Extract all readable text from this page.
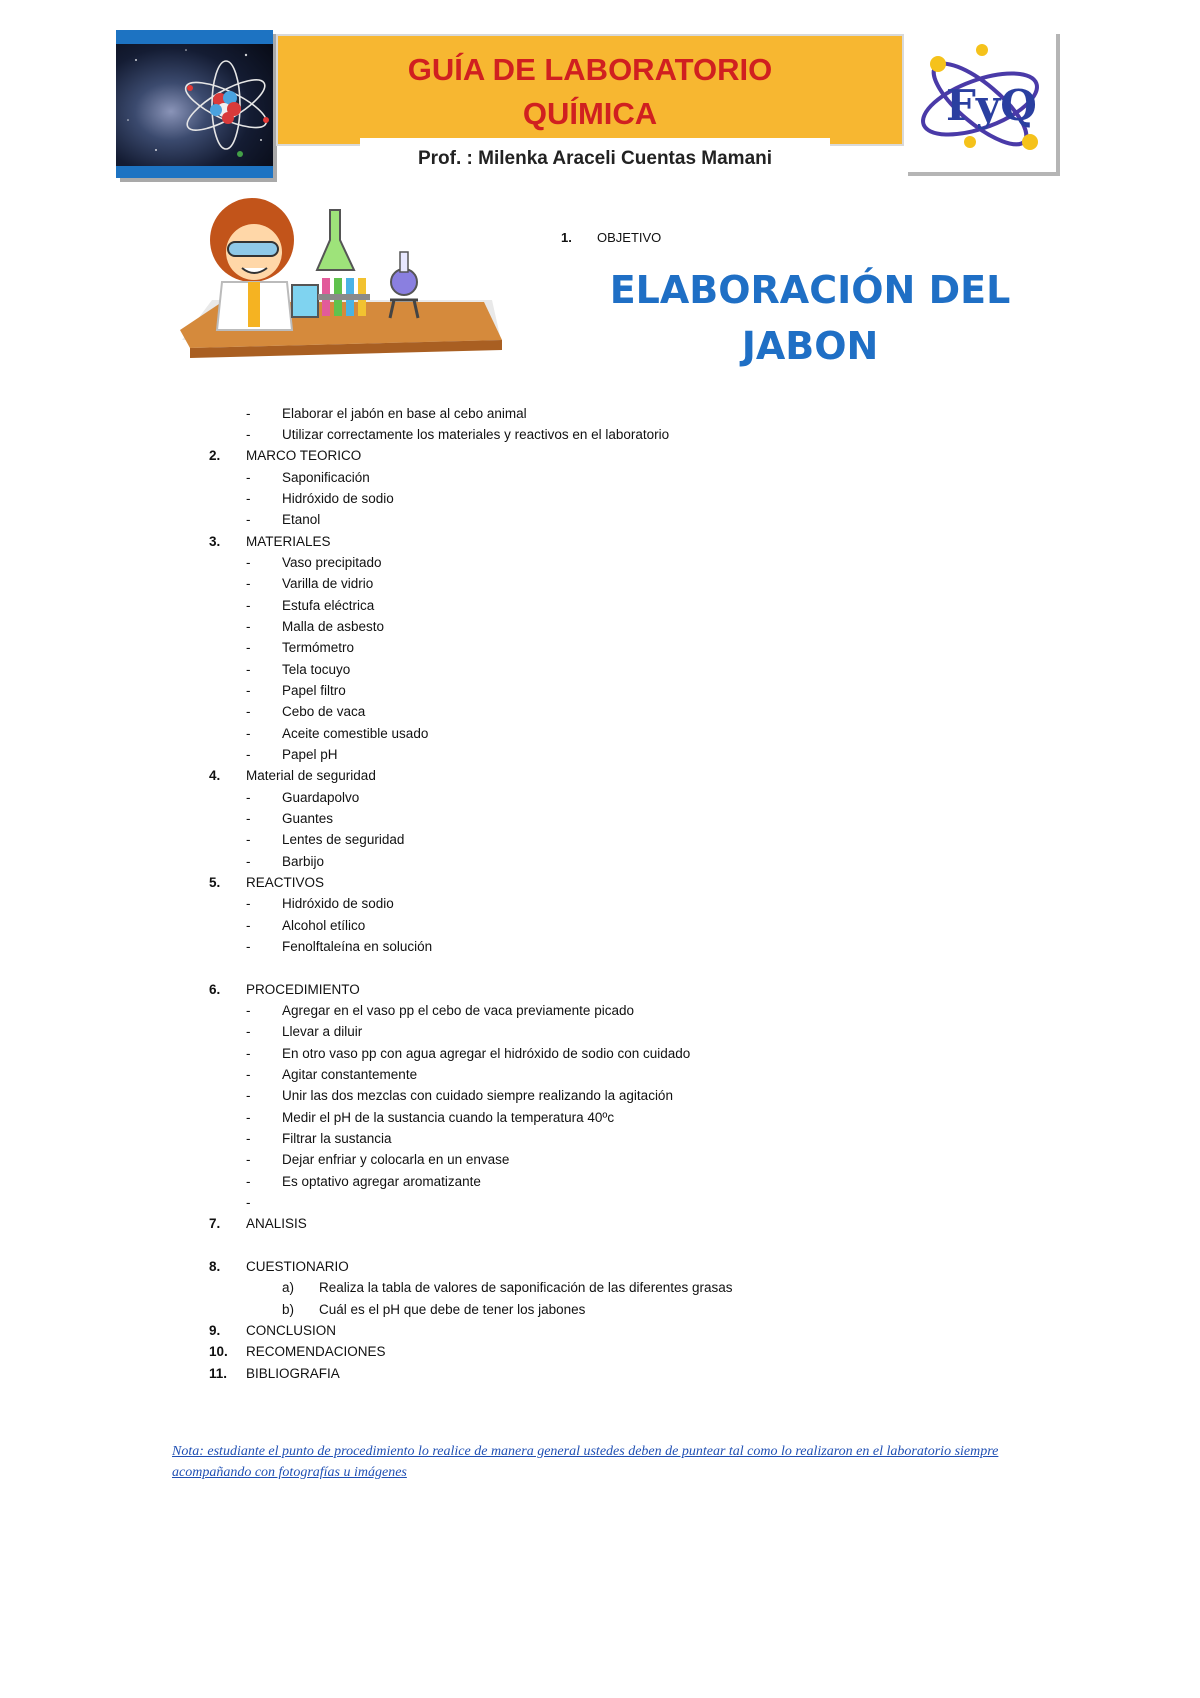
GUÍA DE LABORATORIO
QUÍMICA
Prof. : Milenka Araceli Cuentas Mamani
FyQ
1. OBJETIVO
ELABORACIÓN DEL
JABON
- Elaborar el jabón en base al cebo animal
- Utilizar correctamente los materiales y reactivos en el laboratorio
2. MARCO TEORICO
- Saponificación
- Hidróxido de sodio
- Etanol
3. MATERIALES
- Vaso precipitado
- Varilla de vidrio
- Estufa eléctrica
- Malla de asbesto
- Termómetro
- Tela tocuyo
- Papel filtro
- Cebo de vaca
- Aceite comestible usado
- Papel pH
4. Material de seguridad
- Guardapolvo
- Guantes
- Lentes de seguridad
- Barbijo
5. REACTIVOS
- Hidróxido de sodio
- Alcohol etílico
- Fenolftaleína en solución
6. PROCEDIMIENTO
- Agregar en el vaso pp el cebo de vaca previamente picado
- Llevar a diluir
- En otro vaso pp con agua agregar el hidróxido de sodio con cuidado
- Agitar constantemente
- Unir las dos mezclas con cuidado siempre realizando la agitación
- Medir el pH de la sustancia cuando la temperatura 40ºc
- Filtrar la sustancia
- Dejar enfriar y colocarla en un envase
- Es optativo agregar aromatizante
-
7. ANALISIS
8. CUESTIONARIO
a) Realiza la tabla de valores de saponificación de las diferentes grasas
b) Cuál es el pH que debe de tener los jabones
9. CONCLUSION
10. RECOMENDACIONES
11. BIBLIOGRAFIA
Nota: estudiante el punto de procedimiento lo realice de manera general ustedes deben de puntear tal como lo realizaron en el laboratorio siempre acompañando con fotografías u imágenes
